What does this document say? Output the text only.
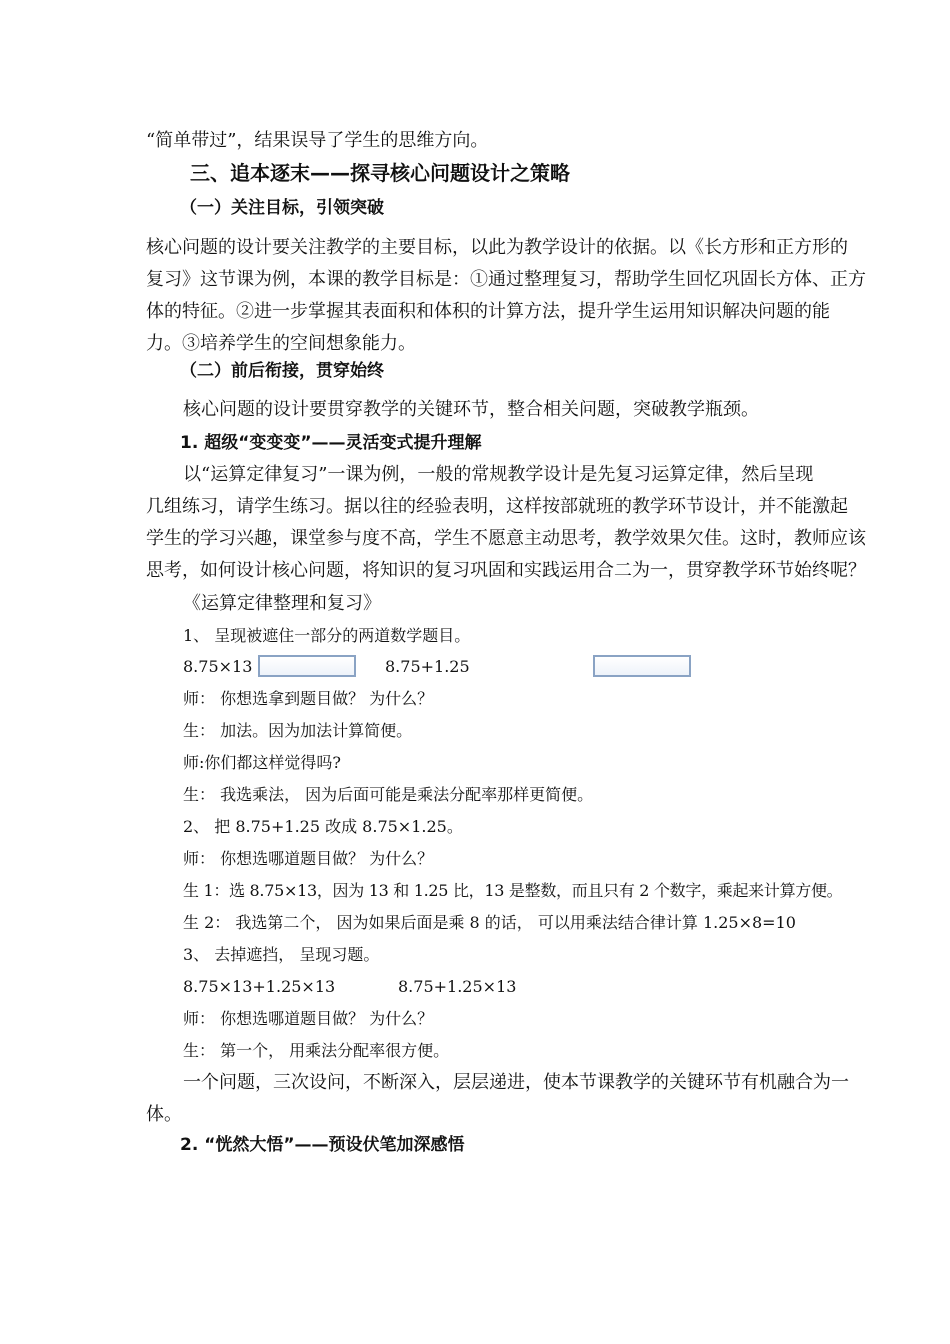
“简单带过”，结果误导了学生的思维方向。
三、追本逐末——探寻核心问题设计之策略
（一）关注目标，引领突破
核心问题的设计要关注教学的主要目标，以此为教学设计的依据。以《长方形和正方形的
复习》这节课为例，本课的教学目标是：①通过整理复习，帮助学生回忆巩固长方体、正方
体的特征。②进一步掌握其表面积和体积的计算方法，提升学生运用知识解决问题的能
力。③培养学生的空间想象能力。
（二）前后衔接，贯穿始终
核心问题的设计要贯穿教学的关键环节，整合相关问题，突破教学瓶颈。
1. 超级“变变变”——灵活变式提升理解
以“运算定律复习”一课为例，一般的常规教学设计是先复习运算定律，然后呈现
几组练习，请学生练习。据以往的经验表明，这样按部就班的教学环节设计，并不能激起
学生的学习兴趣，课堂参与度不高，学生不愿意主动思考，教学效果欠佳。这时，教师应该
思考，如何设计核心问题，将知识的复习巩固和实践运用合二为一，贯穿教学环节始终呢？
《运算定律整理和复习》
1、 呈现被遮住一部分的两道数学题目。
8.75×13	8.75+1.25
师： 你想选拿到题目做？ 为什么？
生： 加法。因为加法计算简便。
师:你们都这样觉得吗?
生： 我选乘法， 因为后面可能是乘法分配率那样更简便。
2、 把 8.75+1.25 改成 8.75×1.25。
师： 你想选哪道题目做？ 为什么？
生 1：选 8.75×13，因为 13 和 1.25 比，13 是整数，而且只有 2 个数字，乘起来计算方便。
生 2： 我选第二个， 因为如果后面是乘 8 的话， 可以用乘法结合律计算 1.25×8=10
3、 去掉遮挡， 呈现习题。
8.75×13+1.25×13	8.75+1.25×13
师： 你想选哪道题目做？ 为什么？
生： 第一个， 用乘法分配率很方便。
一个问题，三次设问，不断深入，层层递进，使本节课教学的关键环节有机融合为一
体。
2. “恍然大悟”——预设伏笔加深感悟
